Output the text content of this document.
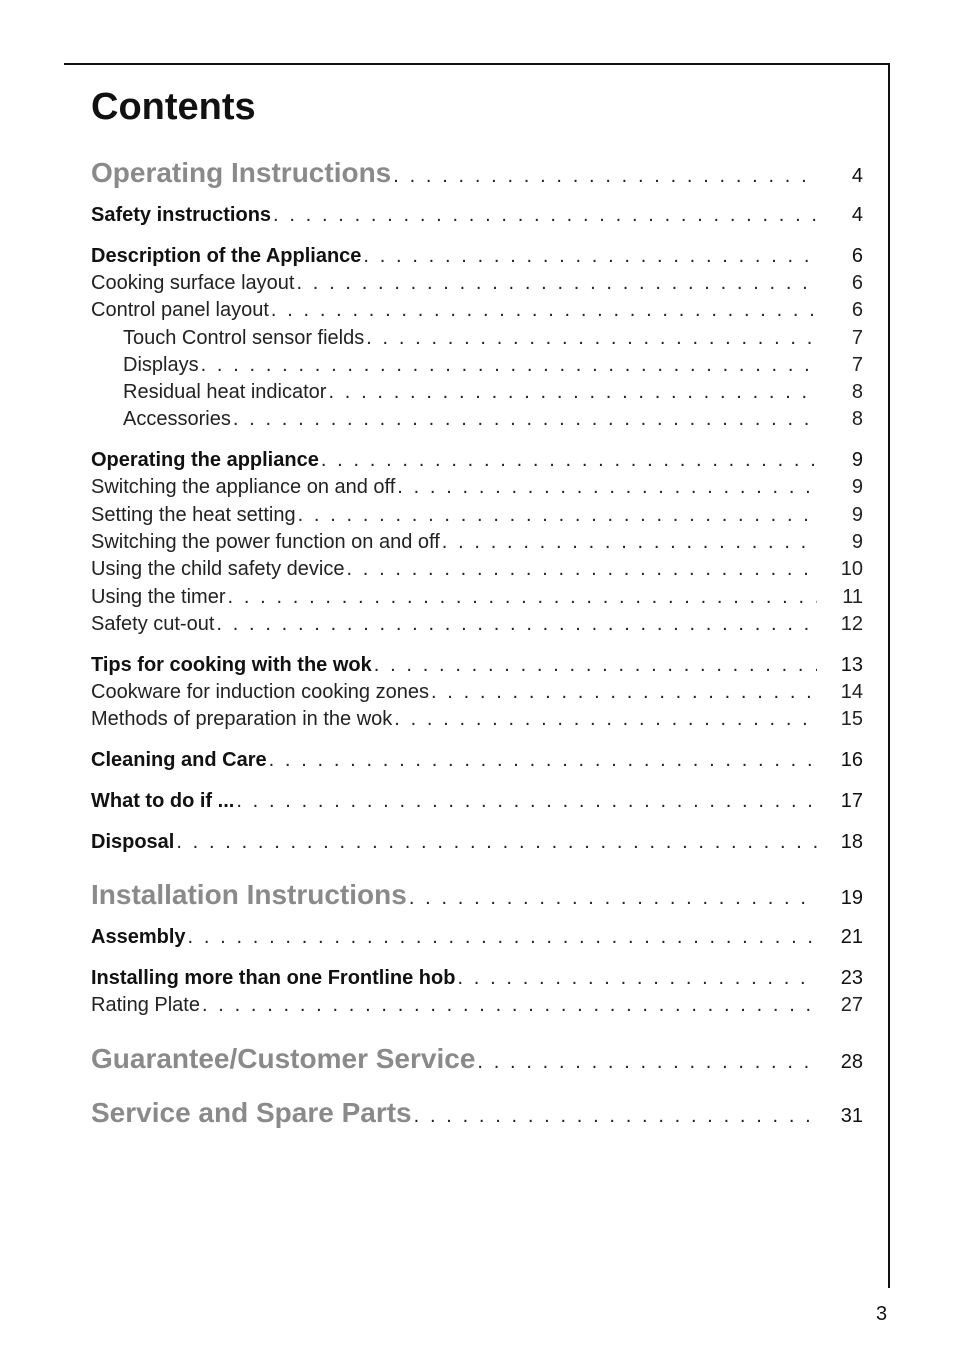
Contents
Operating Instructions . . .	4
Safety instructions . . .	4
Description of the Appliance . . .	6
Cooking surface layout . . .	6
Control panel layout . . .	6
Touch Control sensor fields . . .	7
Displays . . .	7
Residual heat indicator . . .	8
Accessories . . .	8
Operating the appliance . . .	9
Switching the appliance on and off . . .	9
Setting the heat setting . . .	9
Switching the power function on and off . . .	9
Using the child safety device . . .	10
Using the timer . . .	11
Safety cut-out . . .	12
Tips for cooking with the wok . . .	13
Cookware for induction cooking zones . . .	14
Methods of preparation in the wok . . .	15
Cleaning and Care . . .	16
What to do if ... . . .	17
Disposal . . .	18
Installation Instructions . . .	19
Assembly . . .	21
Installing more than one Frontline hob . . .	23
Rating Plate . . .	27
Guarantee/Customer Service . . .	28
Service and Spare Parts . . .	31
3
